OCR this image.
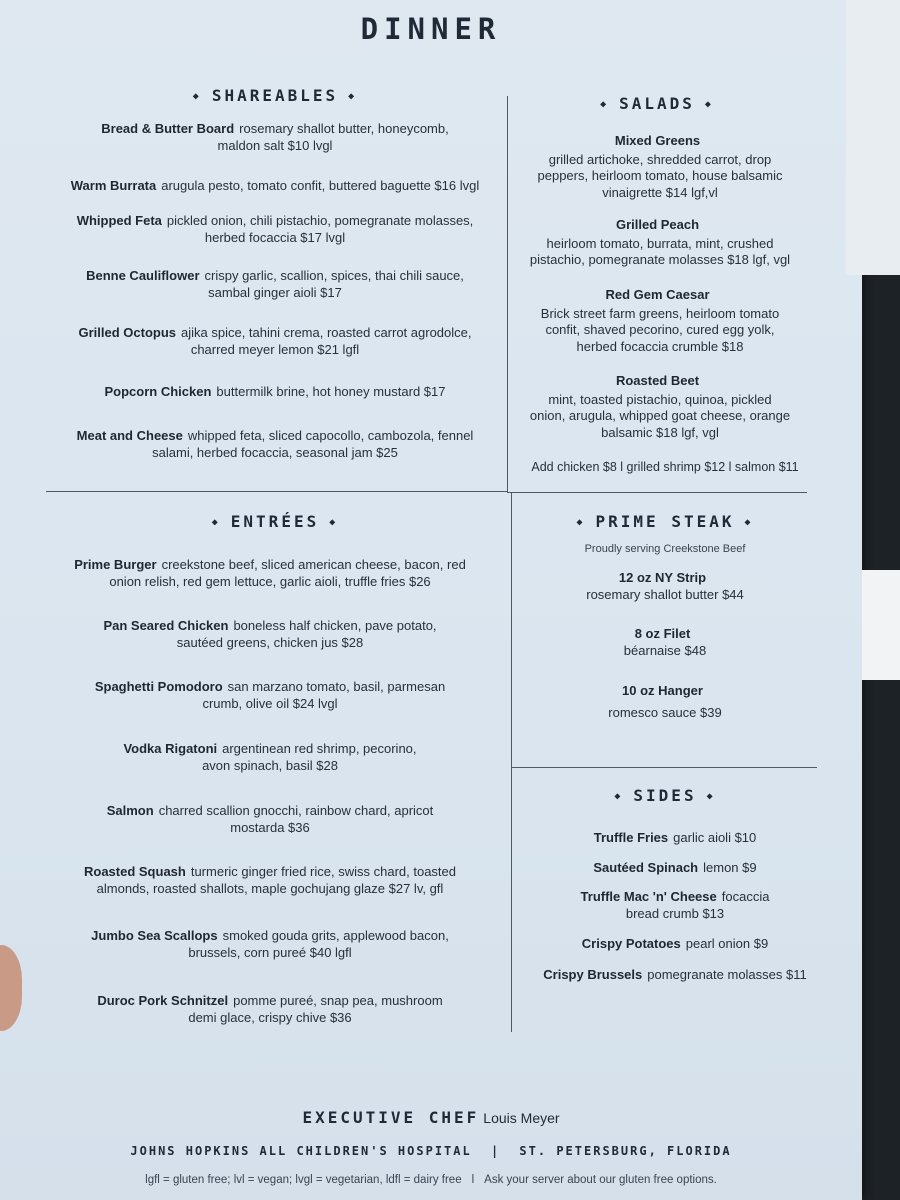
DINNER
◆ SHAREABLES ◆
Bread & Butter Board rosemary shallot butter, honeycomb,
maldon salt $10 lvgl
Warm Burrata arugula pesto, tomato confit, buttered baguette $16 lvgl
Whipped Feta pickled onion, chili pistachio, pomegranate molasses,
herbed focaccia $17 lvgl
Benne Cauliflower crispy garlic, scallion, spices, thai chili sauce,
sambal ginger aioli $17
Grilled Octopus ajika spice, tahini crema, roasted carrot agrodolce,
charred meyer lemon $21 lgfl
Popcorn Chicken buttermilk brine, hot honey mustard $17
Meat and Cheese whipped feta, sliced capocollo, cambozola, fennel
salami, herbed focaccia, seasonal jam $25
◆ SALADS ◆
Mixed Greens
grilled artichoke, shredded carrot, drop
peppers, heirloom tomato, house balsamic
vinaigrette $14 lgf,vl
Grilled Peach
heirloom tomato, burrata, mint, crushed
pistachio, pomegranate molasses $18 lgf, vgl
Red Gem Caesar
Brick street farm greens, heirloom tomato
confit, shaved pecorino, cured egg yolk,
herbed focaccia crumble $18
Roasted Beet
mint, toasted pistachio, quinoa, pickled
onion, arugula, whipped goat cheese, orange
balsamic $18 lgf, vgl
Add chicken $8 l grilled shrimp $12 l salmon $11
◆ ENTRÉES ◆
Prime Burger creekstone beef, sliced american cheese, bacon, red
onion relish, red gem lettuce, garlic aioli, truffle fries $26
Pan Seared Chicken boneless half chicken, pave potato,
sautéed greens, chicken jus $28
Spaghetti Pomodoro san marzano tomato, basil, parmesan
crumb, olive oil $24 lvgl
Vodka Rigatoni argentinean red shrimp, pecorino,
avon spinach, basil $28
Salmon charred scallion gnocchi, rainbow chard, apricot
mostarda $36
Roasted Squash turmeric ginger fried rice, swiss chard, toasted
almonds, roasted shallots, maple gochujang glaze $27 lv, gfl
Jumbo Sea Scallops smoked gouda grits, applewood bacon,
brussels, corn pureé $40 lgfl
Duroc Pork Schnitzel pomme pureé, snap pea, mushroom
demi glace, crispy chive $36
◆ PRIME STEAK ◆
Proudly serving Creekstone Beef
12 oz NY Strip
rosemary shallot butter $44
8 oz Filet
béarnaise $48
10 oz Hanger
romesco sauce $39
◆ SIDES ◆
Truffle Fries garlic aioli $10
Sautéed Spinach lemon $9
Truffle Mac 'n' Cheese focaccia
bread crumb $13
Crispy Potatoes pearl onion $9
Crispy Brussels pomegranate molasses $11
EXECUTIVE CHEF Louis Meyer
JOHNS HOPKINS ALL CHILDREN'S HOSPITAL | ST. PETERSBURG, FLORIDA
lgfl = gluten free; lvl = vegan; lvgl = vegetarian, ldfl = dairy free l Ask your server about our gluten free options.
